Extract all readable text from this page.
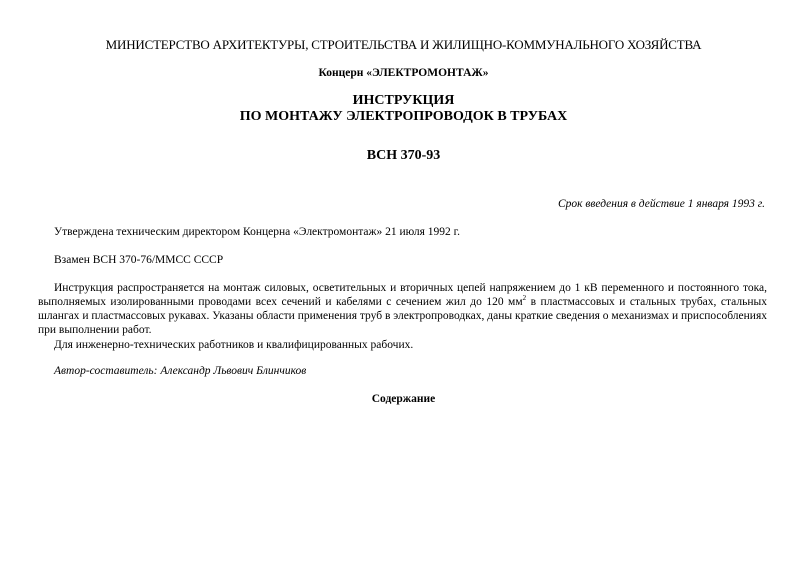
МИНИСТЕРСТВО АРХИТЕКТУРЫ, СТРОИТЕЛЬСТВА И ЖИЛИЩНО-КОММУНАЛЬНОГО ХОЗЯЙСТВА
Концерн «ЭЛЕКТРОМОНТАЖ»
ИНСТРУКЦИЯ
ПО МОНТАЖУ ЭЛЕКТРОПРОВОДОК В ТРУБАХ
ВСН 370-93
Срок введения в действие 1 января 1993 г.
Утверждена техническим директором Концерна «Электромонтаж» 21 июля 1992 г.
Взамен ВСН 370-76/ММСС СССР
Инструкция распространяется на монтаж силовых, осветительных и вторичных цепей напряжением до 1 кВ переменного и постоянного тока, выполняемых изолированными проводами всех сечений и кабелями с сечением жил до 120 $мм^2$ в пластмассовых и стальных трубах, стальных шлангах и пластмассовых рукавах. Указаны области применения труб в электропроводках, даны краткие сведения о механизмах и приспособлениях при выполнении работ.
Для инженерно-технических работников и квалифицированных рабочих.
Автор-составитель: Александр Львович Блинчиков
Содержание
